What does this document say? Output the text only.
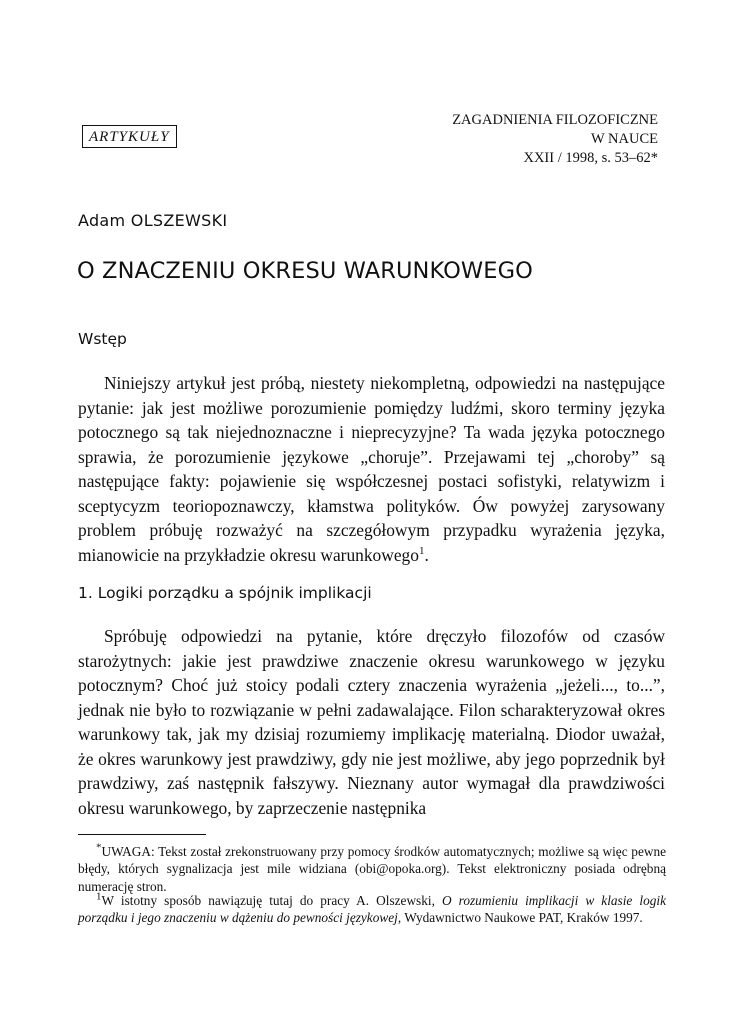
ARTYKUŁY
ZAGADNIENIA FILOZOFICZNE
W NAUCE
XXII / 1998, s. 53–62*
Adam OLSZEWSKI
O ZNACZENIU OKRESU WARUNKOWEGO
Wstęp

Niniejszy artykuł jest próbą, niestety niekompletną, odpowiedzi na następujące pytanie: jak jest możliwe porozumienie pomiędzy ludźmi, skoro terminy języka potocznego są tak niejednoznaczne i nieprecyzyjne? Ta wada języka potocznego sprawia, że porozumienie językowe „choruje”. Przejawami tej „choroby” są następujące fakty: pojawienie się współczesnej postaci sofistyki, relatywizm i sceptycyzm teoriopoznawczy, kłamstwa polityków. Ów powyżej zarysowany problem próbuję rozważyć na szczegółowym przypadku wyrażenia języka, mianowicie na przykładzie okresu warunkowego$^1$.

1. Logiki porządku a spójnik implikacji

Spróbuję odpowiedzi na pytanie, które dręczyło filozofów od czasów starożytnych: jakie jest prawdziwe znaczenie okresu warunkowego w języku potocznym? Choć już stoicy podali cztery znaczenia wyrażenia „jeżeli..., to...”, jednak nie było to rozwiązanie w pełni zadawalające. Filon scharakteryzował okres warunkowy tak, jak my dzisiaj rozumiemy implikację materialną. Diodor uważał, że okres warunkowy jest prawdziwy, gdy nie jest możliwe, aby jego poprzednik był prawdziwy, zaś następnik fałszywy. Nieznany autor wymagał dla prawdziwości okresu warunkowego, by zaprzeczenie następnika

*UWAGA: Tekst został zrekonstruowany przy pomocy środków automatycznych; możliwe są więc pewne błędy, których sygnalizacja jest mile widziana (obi@opoka.org). Tekst elektroniczny posiada odrębną numerację stron.

$^1$W istotny sposób nawiązuję tutaj do pracy A. Olszewski, O rozumieniu implikacji w klasie logik porządku i jego znaczeniu w dążeniu do pewności językowej, Wydawnictwo Naukowe PAT, Kraków 1997.
